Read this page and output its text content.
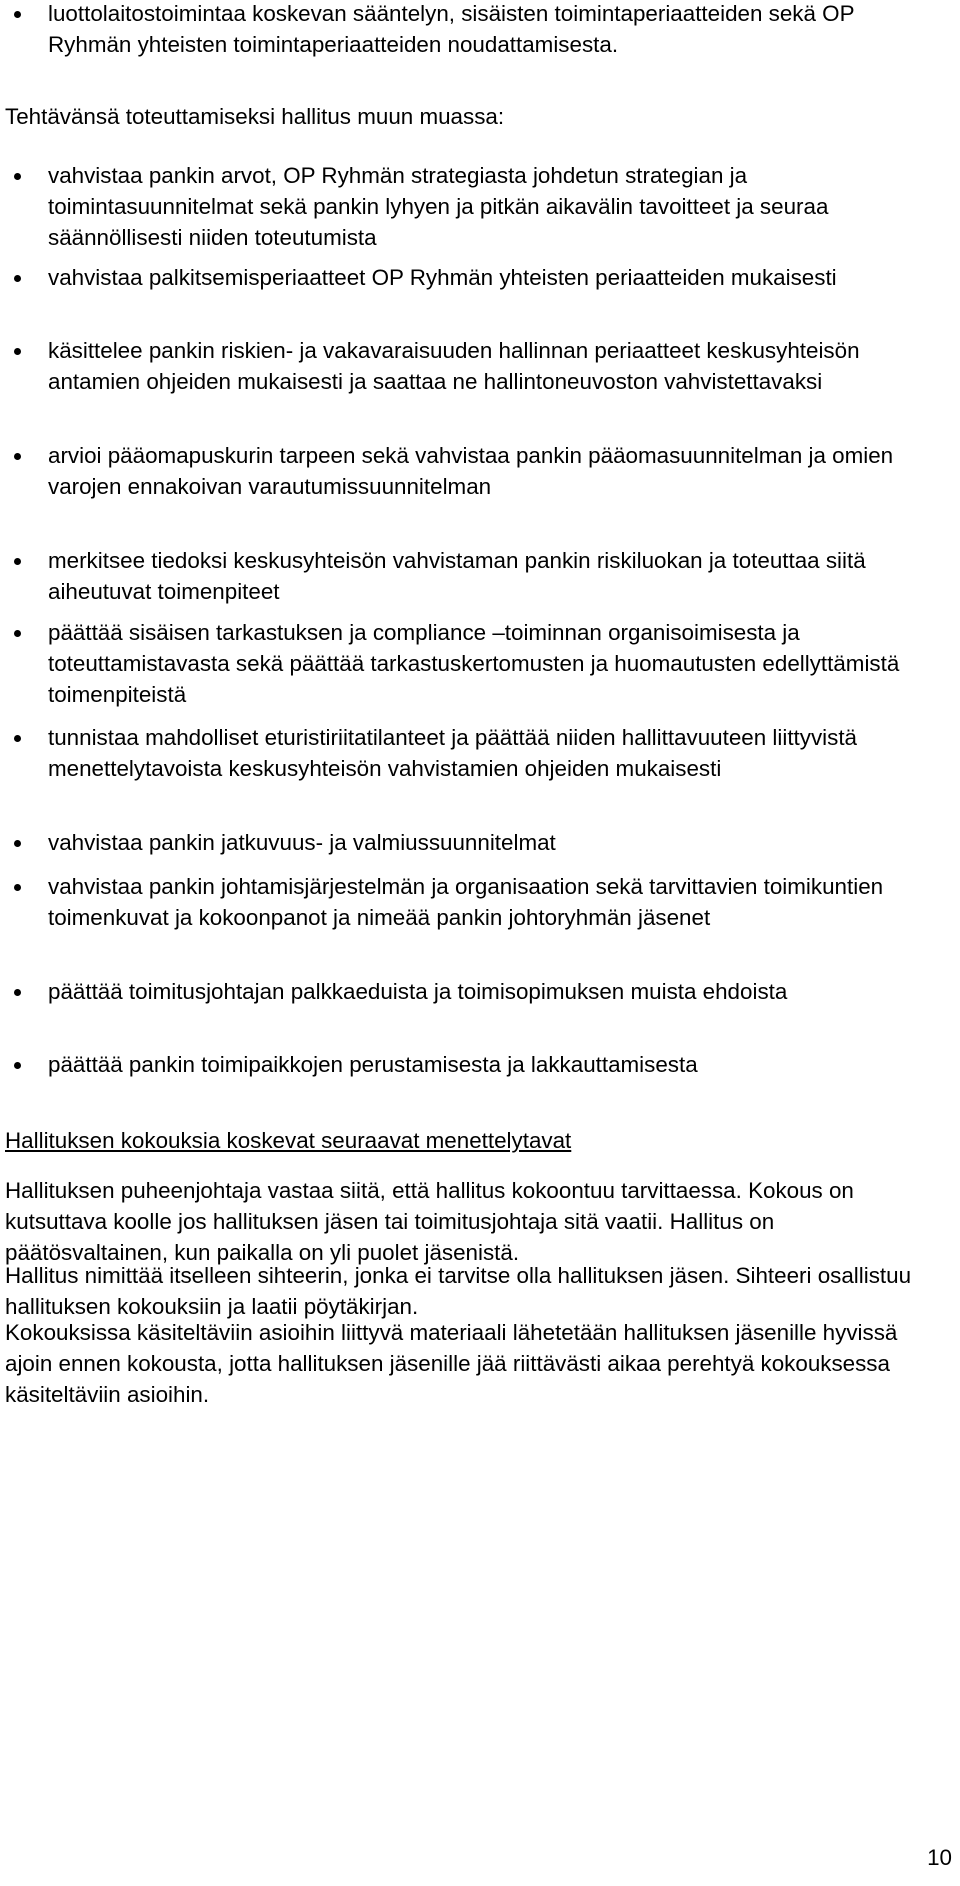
luottolaitostoimintaa koskevan sääntelyn, sisäisten toimintaperiaatteiden sekä OP Ryhmän yhteisten toimintaperiaatteiden noudattamisesta.
Tehtävänsä toteuttamiseksi hallitus muun muassa:
vahvistaa pankin arvot, OP Ryhmän strategiasta johdetun strategian ja toimintasuunnitelmat sekä pankin lyhyen ja pitkän aikavälin tavoitteet ja seuraa säännöllisesti niiden toteutumista
vahvistaa palkitsemisperiaatteet OP Ryhmän yhteisten periaatteiden mukaisesti
käsittelee pankin riskien- ja vakavaraisuuden hallinnan periaatteet keskusyhteisön antamien ohjeiden mukaisesti ja saattaa ne hallintoneuvoston vahvistettavaksi
arvioi pääomapuskurin tarpeen sekä vahvistaa pankin pääomasuunnitelman ja omien varojen ennakoivan varautumissuunnitelman
merkitsee tiedoksi keskusyhteisön vahvistaman pankin riskiluokan ja toteuttaa siitä aiheutuvat toimenpiteet
päättää sisäisen tarkastuksen ja compliance –toiminnan organisoimisesta ja toteuttamistavasta sekä päättää tarkastuskertomusten ja huomautusten edellyttämistä toimenpiteistä
tunnistaa mahdolliset eturistiriitatilanteet ja päättää niiden hallittavuuteen liittyvistä menettelytavoista keskusyhteisön vahvistamien ohjeiden mukaisesti
vahvistaa pankin jatkuvuus- ja valmiussuunnitelmat
vahvistaa pankin johtamisjärjestelmän ja organisaation sekä tarvittavien toimikuntien toimenkuvat ja kokoonpanot ja nimeää pankin johtoryhmän jäsenet
päättää toimitusjohtajan palkkaeduista ja toimisopimuksen muista ehdoista
päättää pankin toimipaikkojen perustamisesta ja lakkauttamisesta
Hallituksen kokouksia koskevat seuraavat menettelytavat
Hallituksen puheenjohtaja vastaa siitä, että hallitus kokoontuu tarvittaessa. Kokous on kutsuttava koolle jos hallituksen jäsen tai toimitusjohtaja sitä vaatii. Hallitus on päätösvaltainen, kun paikalla on yli puolet jäsenistä.
Hallitus nimittää itselleen sihteerin, jonka ei tarvitse olla hallituksen jäsen. Sihteeri osallistuu hallituksen kokouksiin ja laatii pöytäkirjan.
Kokouksissa käsiteltäviin asioihin liittyvä materiaali lähetetään hallituksen jäsenille hyvissä ajoin ennen kokousta, jotta hallituksen jäsenille jää riittävästi aikaa perehtyä kokouksessa käsiteltäviin asioihin.
10
